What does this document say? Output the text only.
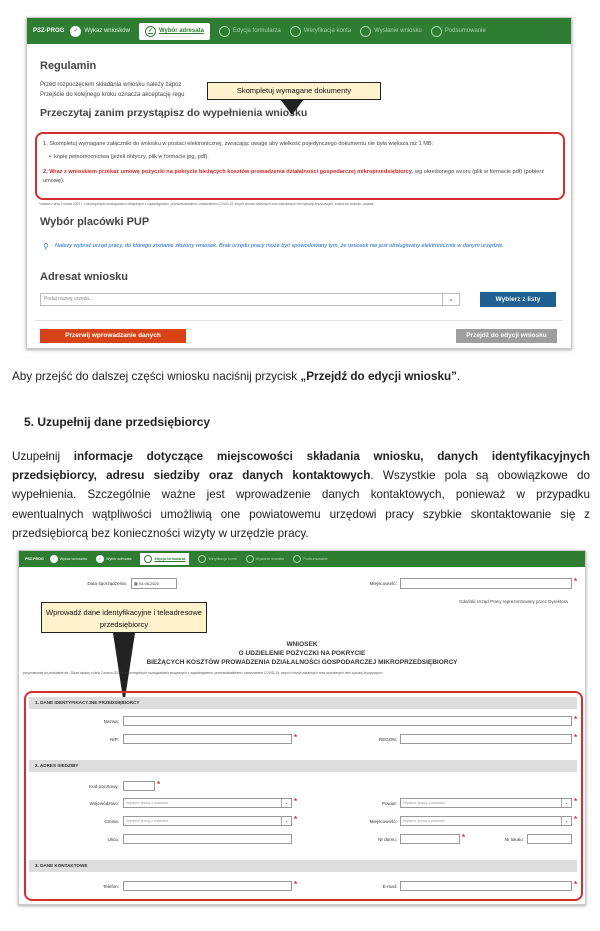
PSZ-PROG	✓ Wykaz wniosków	✓ Wybór adresata	Edycja formularza	Weryfikacja konta	Wysłanie wniosku	Podsumowanie
Regulamin
Przed rozpoczęciem składania wniosku należy zapoz
Przejście do kolejnego kroku oznacza akceptację regu
Przeczytaj zanim przystąpisz do wypełnienia wniosku
Skompletuj wymagane dokumenty
1. Skompletuj wymagane załączniki do wniosku w postaci elektronicznej, zwracając uwagę aby wielkość pojedynczego dokumentu nie była większa niż 1 MB:
•  kopię pełnomocnictwa (jeżeli dotyczy, plik w formacie jpg, pdf).
2. Wraz z wnioskiem przekaż umowę pożyczki na pokrycie bieżących kosztów prowadzenia działalności gospodarczej mikroprzedsiębiorcy, wg określonego wzoru (plik w formacie pdf) (pobierz umowę).
*ustawa z dnia 2 marca 2020 r. o szczególnych rozwiązaniach związanych z zapobieganiem, przeciwdziałaniem i zwalczaniem COVID-19, innych chorób zakaźnych oraz wywołanych nimi sytuacji kryzysowych, zwana we wniosku „ustawą”
Wybór placówki PUP
⚲ Należy wybrać urząd pracy, do którego zostanie złożony wniosek. Brak urzędu pracy może być spowodowany tym, że wniosek nie jest obsługiwany elektronicznie w danym urzędzie.
Adresat wniosku
Podaj nazwę urzędu...	⌄	Wybierz z listy
Przerwij wprowadzanie danych	Przejdź do edycji wniosku
Aby przejść do dalszej części wniosku naciśnij przycisk „Przejdź do edycji wniosku”.
5. Uzupełnij dane przedsiębiorcy
Uzupełnij informacje dotyczące miejscowości składania wniosku, danych identyfikacyjnych przedsiębiorcy, adresu siedziby oraz danych kontaktowych. Wszystkie pola są obowiązkowe do wypełnienia. Szczególnie ważne jest wprowadzenie danych kontaktowych, ponieważ w przypadku ewentualnych wątpliwości umożliwią one powiatowemu urzędowi pracy szybkie skontaktowanie się z przedsiębiorcą bez konieczności wizyty w urzędzie pracy.
PSZ-PROG	✓	Wykaz wniosków	✓	Wybór adresata	Edycja formularza	Weryfikacja konta	Wysłanie wniosku	Podsumowanie
Data sporządzenia:	▦ 04.06.2020	Miejscowość:	*
Gdański Urząd Pracy reprezentowany przez Dyrektora
Wprowadź dane identyfikacyjne i teleadresowe przedsiębiorcy
WNIOSEK
O UDZIELENIE POŻYCZKI NA POKRYCIE
BIEŻĄCYCH KOSZTÓW PROWADZENIA DZIAŁALNOŚCI GOSPODARCZEJ MIKROPRZEDSIĘBIORCY
przyznawanej na podstawie art. 15zzd ustawy z dnia 2 marca 2020 r. o szczególnych rozwiązaniach związanych z zapobieganiem, przeciwdziałaniem i zwalczaniem COVID-19, innych chorób zakaźnych oraz wywołanych nimi sytuacji kryzysowych
1. DANE IDENTYFIKACYJNE PRZEDSIĘBIORCY
Nazwa:	*
NIP:	*	REGON:	*
2. ADRES SIEDZIBY
Kod pocztowy:	*
Województwo:	Wybierz jedną z wartości	⌄ *	Powiat:	Wybierz jedną z wartości	⌄ *
Gmina:	Wybierz jedną z wartości	⌄ *	Miejscowość:	Wybierz jedną z wartości	⌄ *
Ulica:	Nr domu:	*	Nr lokalu:
3. DANE KONTAKTOWE
Telefon:	*	E-mail:	*
